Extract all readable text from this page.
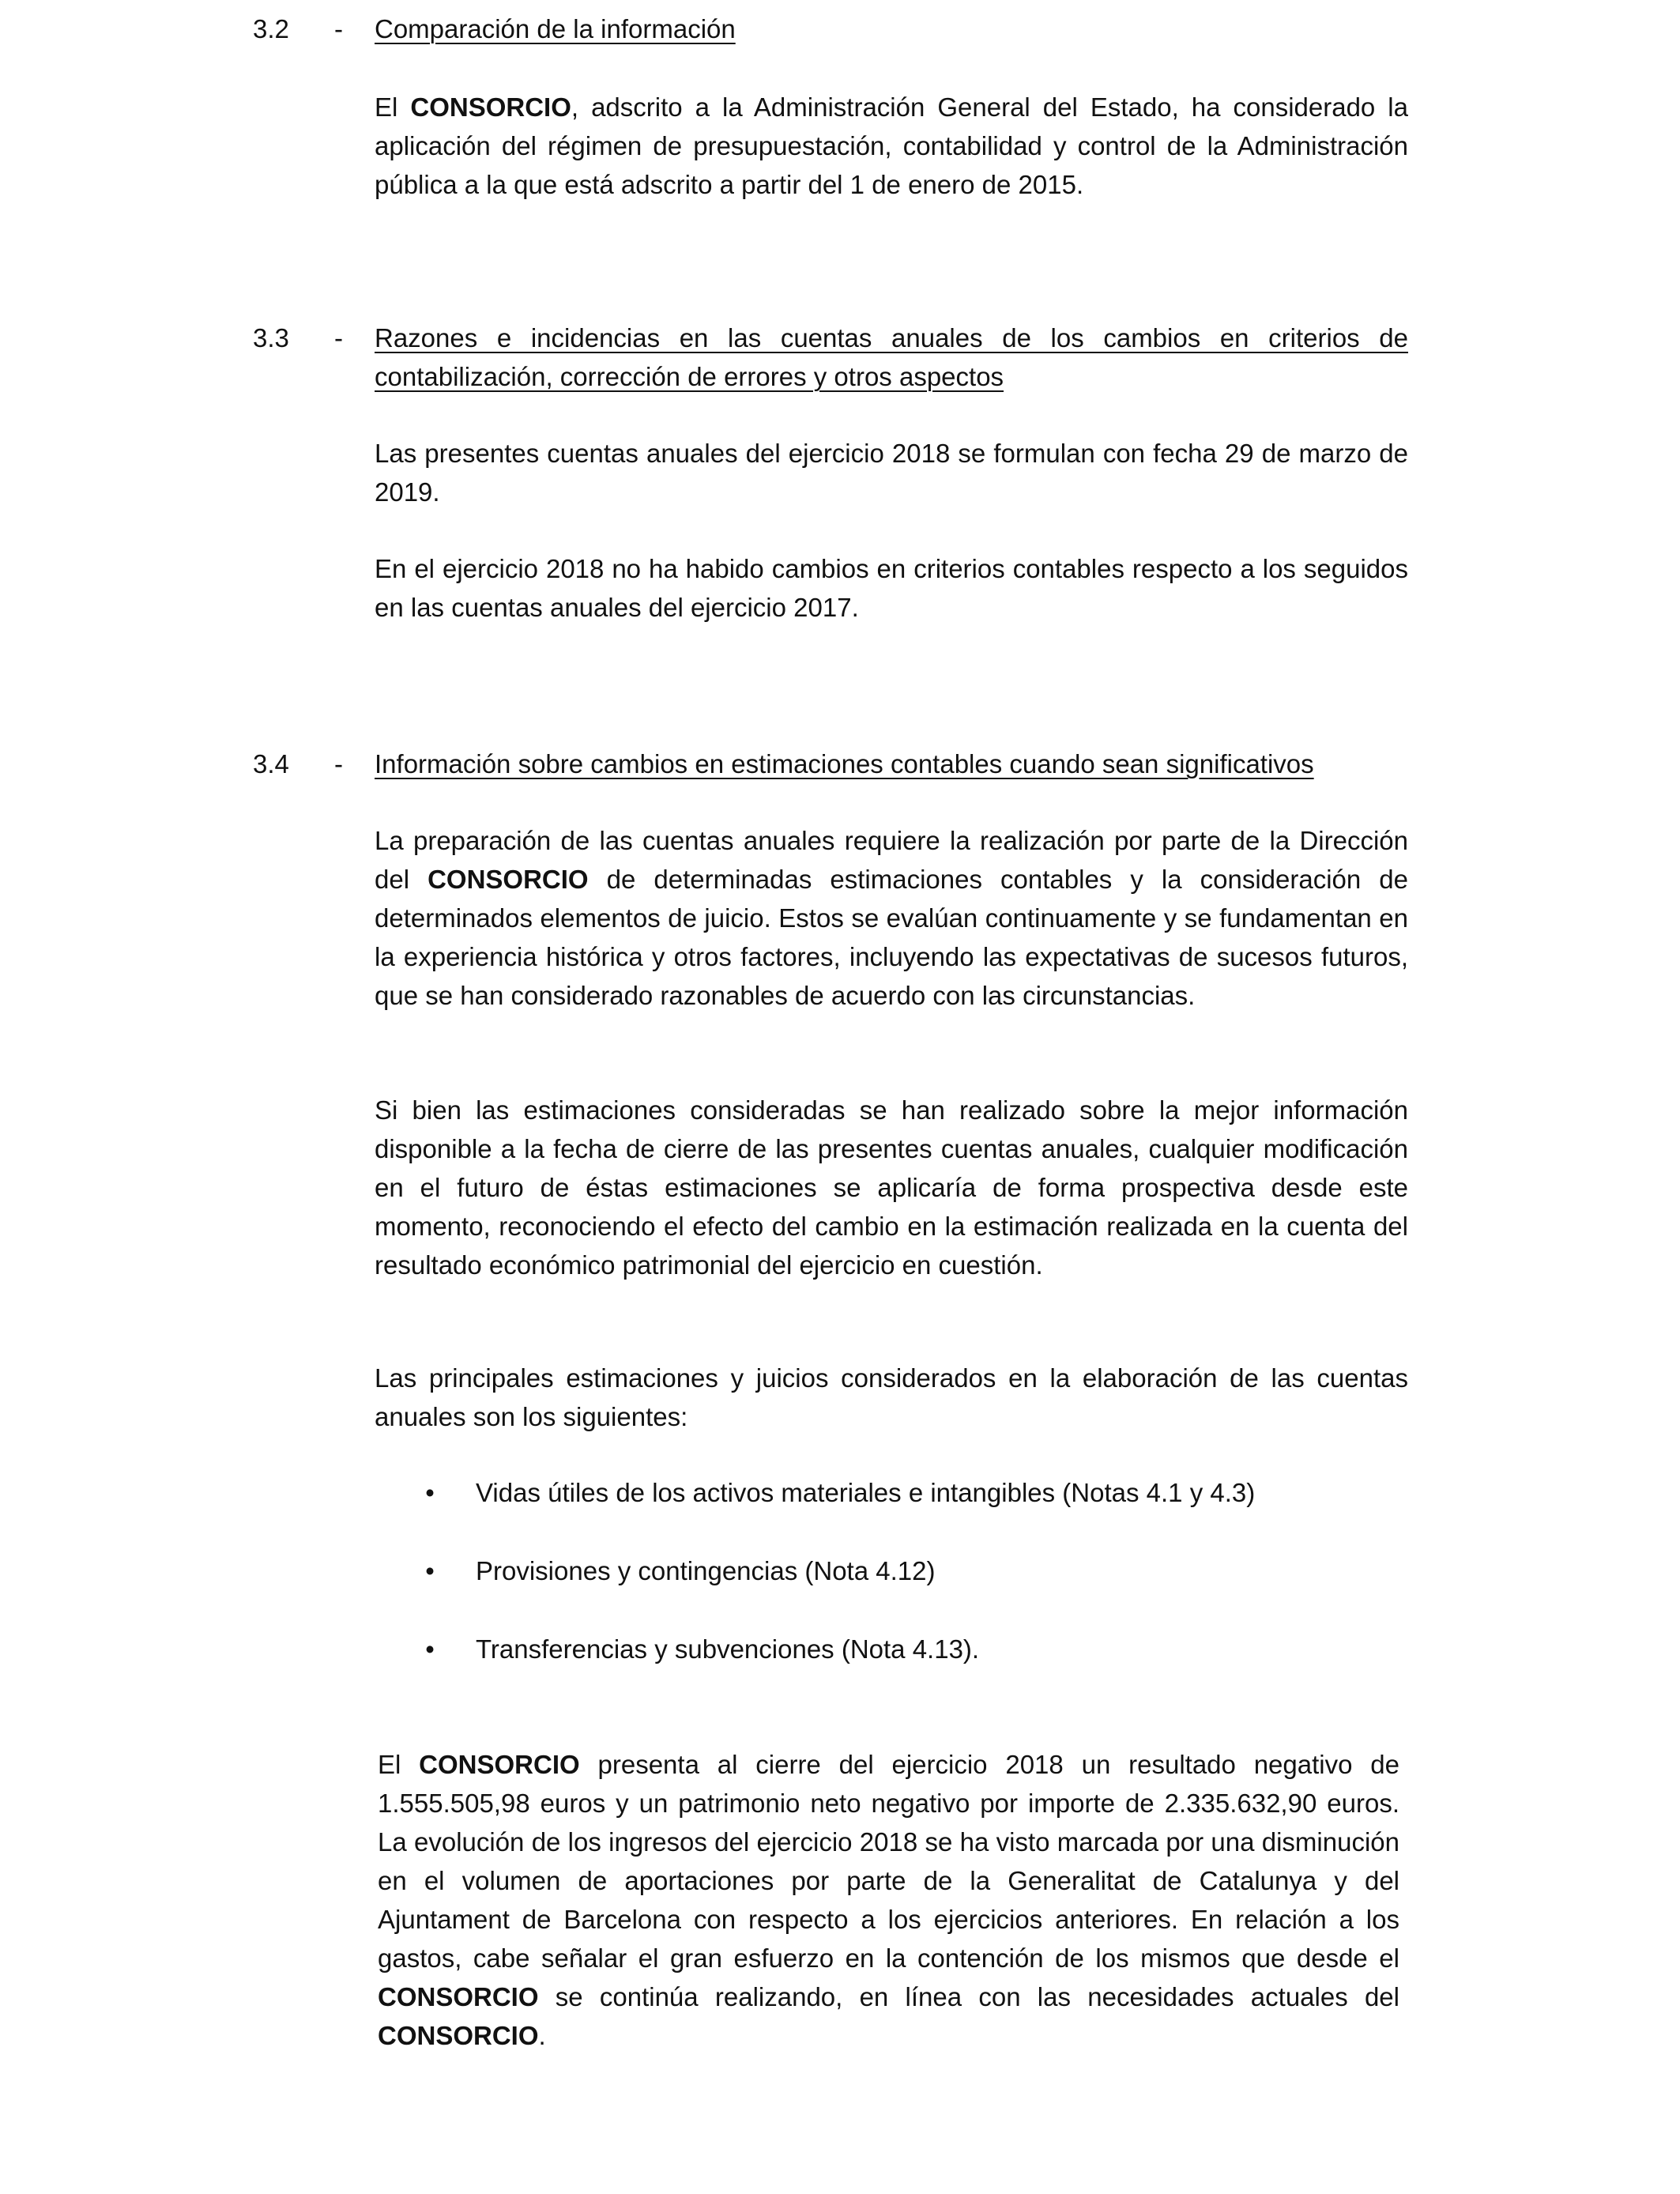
3.2 - Comparación de la información

El CONSORCIO, adscrito a la Administración General del Estado, ha considerado la aplicación del régimen de presupuestación, contabilidad y control de la Administración pública a la que está adscrito a partir del 1 de enero de 2015.

3.3 - Razones e incidencias en las cuentas anuales de los cambios en criterios de contabilización, corrección de errores y otros aspectos

Las presentes cuentas anuales del ejercicio 2018 se formulan con fecha 29 de marzo de 2019.

En el ejercicio 2018 no ha habido cambios en criterios contables respecto a los seguidos en las cuentas anuales del ejercicio 2017.

3.4 - Información sobre cambios en estimaciones contables cuando sean significativos

La preparación de las cuentas anuales requiere la realización por parte de la Dirección del CONSORCIO de determinadas estimaciones contables y la consideración de determinados elementos de juicio. Estos se evalúan continuamente y se fundamentan en la experiencia histórica y otros factores, incluyendo las expectativas de sucesos futuros, que se han considerado razonables de acuerdo con las circunstancias.

Si bien las estimaciones consideradas se han realizado sobre la mejor información disponible a la fecha de cierre de las presentes cuentas anuales, cualquier modificación en el futuro de éstas estimaciones se aplicaría de forma prospectiva desde este momento, reconociendo el efecto del cambio en la estimación realizada en la cuenta del resultado económico patrimonial del ejercicio en cuestión.

Las principales estimaciones y juicios considerados en la elaboración de las cuentas anuales son los siguientes:

•	Vidas útiles de los activos materiales e intangibles (Notas 4.1 y 4.3)
•	Provisiones y contingencias (Nota 4.12)
•	Transferencias y subvenciones (Nota 4.13).

El CONSORCIO presenta al cierre del ejercicio 2018 un resultado negativo de 1.555.505,98 euros y un patrimonio neto negativo por importe de 2.335.632,90 euros. La evolución de los ingresos del ejercicio 2018 se ha visto marcada por una disminución en el volumen de aportaciones por parte de la Generalitat de Catalunya y del Ajuntament de Barcelona con respecto a los ejercicios anteriores. En relación a los gastos, cabe señalar el gran esfuerzo en la contención de los mismos que desde el CONSORCIO se continúa realizando, en línea con las necesidades actuales del CONSORCIO.
